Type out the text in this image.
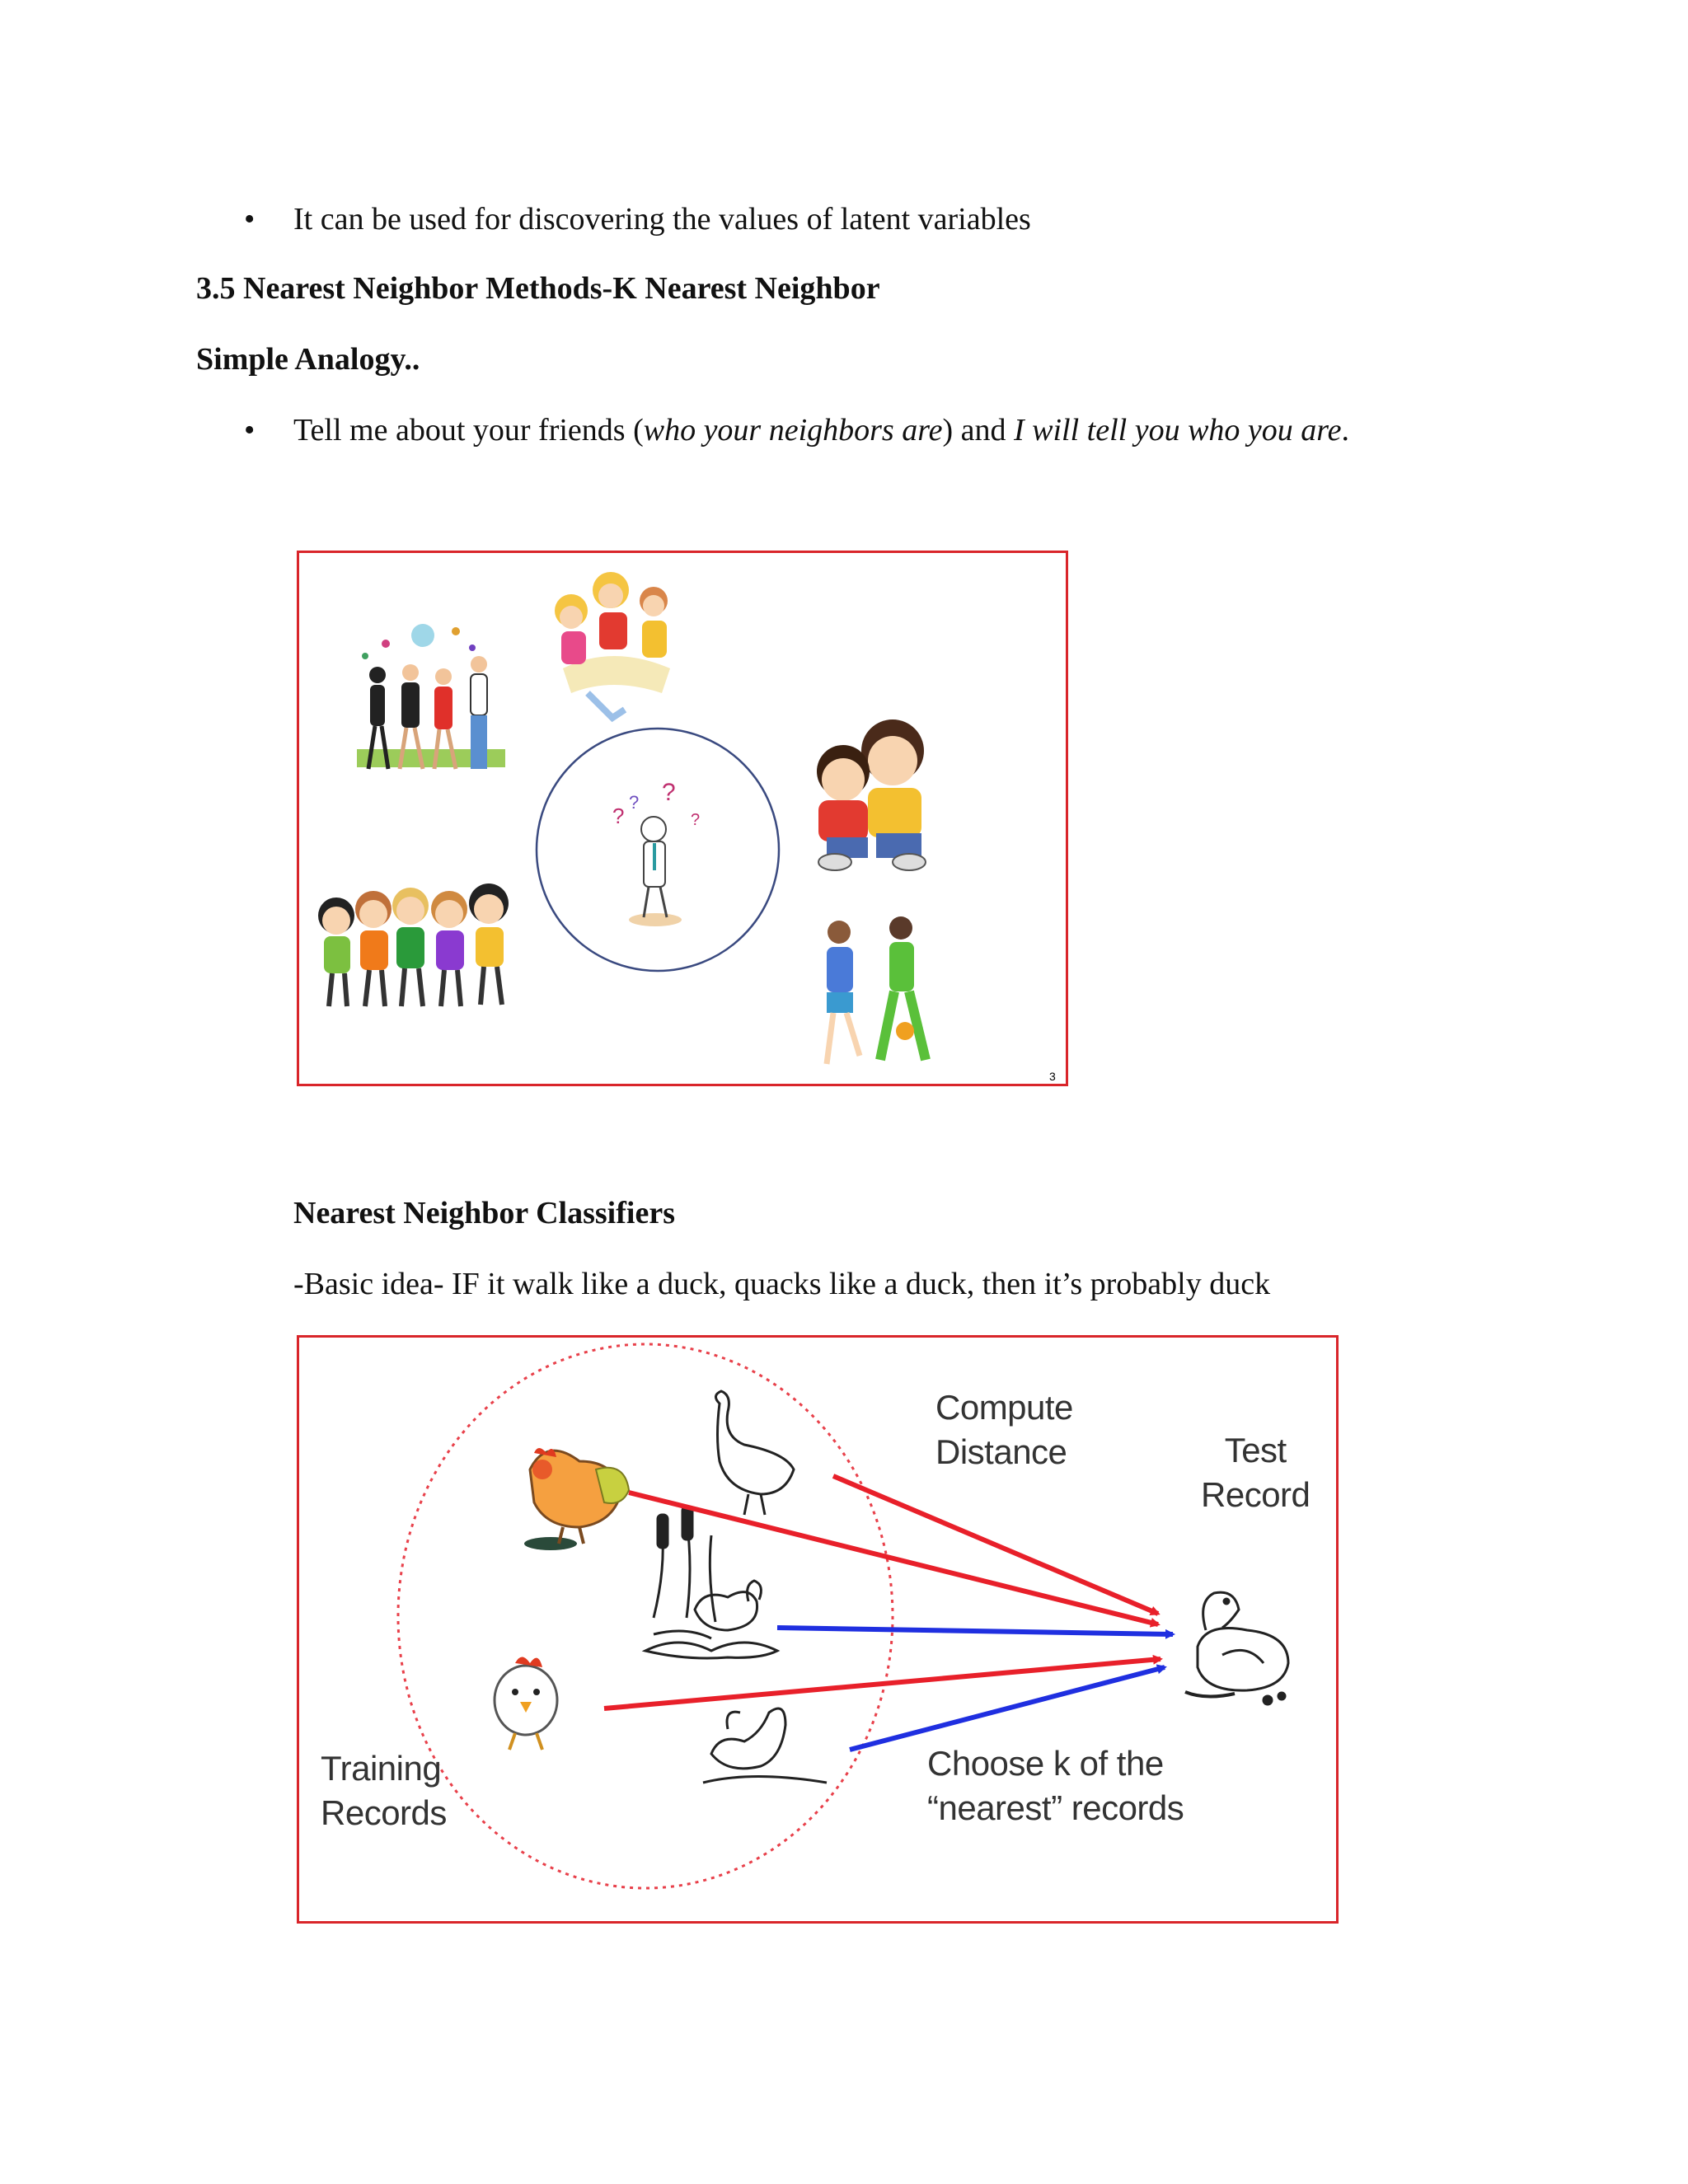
• It can be used for discovering the values of latent variables
3.5 Nearest Neighbor Methods-K Nearest Neighbor
Simple Analogy..
• Tell me about your friends (who your neighbors are) and I will tell you who you are.
?
? ?
?
3
Nearest Neighbor Classifiers
-Basic idea- IF it walk like a duck, quacks like a duck, then it’s probably duck
Compute
Distance	Test
Record
Training
Records
Choose k of the
“nearest” records
